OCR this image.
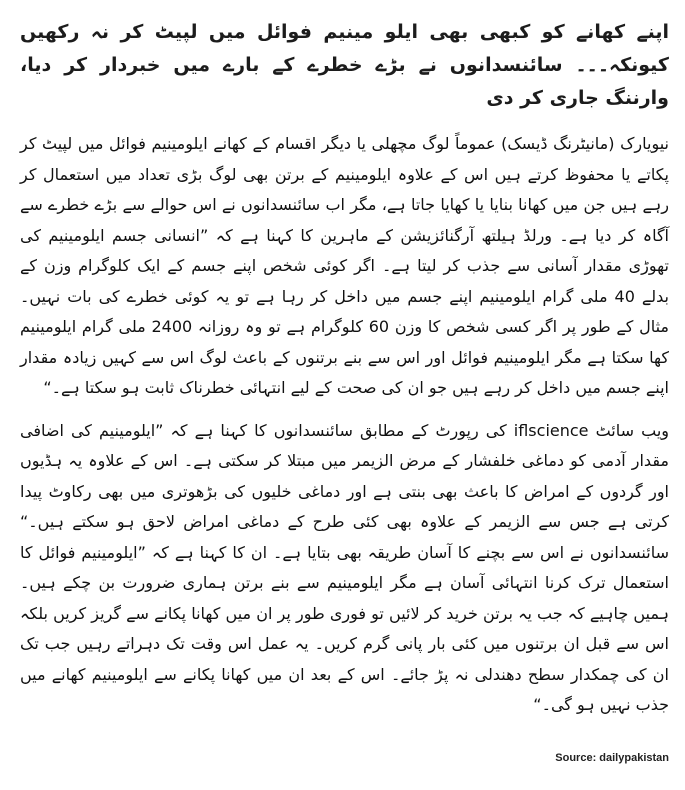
اپنے کھانے کو کبھی بھی ایلو مینیم فوائل میں لپیٹ کر نہ رکھیں کیونکہ۔۔۔ سائنسدانوں نے بڑے خطرے کے بارے میں خبردار کر دیا، وارننگ جاری کر دی

نیویارک (مانیٹرنگ ڈیسک) عموماً لوگ مچھلی یا دیگر اقسام کے کھانے ایلومینیم فوائل میں لپیٹ کر پکاتے یا محفوظ کرتے ہیں اس کے علاوہ ایلومینیم کے برتن بھی لوگ بڑی تعداد میں استعمال کر رہے ہیں جن میں کھانا بنایا یا کھایا جاتا ہے، مگر اب سائنسدانوں نے اس حوالے سے بڑے خطرے سے آگاہ کر دیا ہے۔ ورلڈ ہیلتھ آرگنائزیشن کے ماہرین کا کہنا ہے کہ ”انسانی جسم ایلومینیم کی تھوڑی مقدار آسانی سے جذب کر لیتا ہے۔ اگر کوئی شخص اپنے جسم کے ایک کلوگرام وزن کے بدلے 40 ملی گرام ایلومینیم اپنے جسم میں داخل کر رہا ہے تو یہ کوئی خطرے کی بات نہیں۔ مثال کے طور پر اگر کسی شخص کا وزن 60 کلوگرام ہے تو وہ روزانہ 2400 ملی گرام ایلومینیم کھا سکتا ہے مگر ایلومینیم فوائل اور اس سے بنے برتنوں کے باعث لوگ اس سے کہیں زیادہ مقدار اپنے جسم میں داخل کر رہے ہیں جو ان کی صحت کے لیے انتہائی خطرناک ثابت ہو سکتا ہے۔“

ویب سائٹ iflscience کی رپورٹ کے مطابق سائنسدانوں کا کہنا ہے کہ ”ایلومینیم کی اضافی مقدار آدمی کو دماغی خلفشار کے مرض الزیمر میں مبتلا کر سکتی ہے۔ اس کے علاوہ یہ ہڈیوں اور گردوں کے امراض کا باعث بھی بنتی ہے اور دماغی خلیوں کی بڑھوتری میں بھی رکاوٹ پیدا کرتی ہے جس سے الزیمر کے علاوہ بھی کئی طرح کے دماغی امراض لاحق ہو سکتے ہیں۔“ سائنسدانوں نے اس سے بچنے کا آسان طریقہ بھی بتایا ہے۔ ان کا کہنا ہے کہ ”ایلومینیم فوائل کا استعمال ترک کرنا انتہائی آسان ہے مگر ایلومینیم سے بنے برتن ہماری ضرورت بن چکے ہیں۔ ہمیں چاہیے کہ جب یہ برتن خرید کر لائیں تو فوری طور پر ان میں کھانا پکانے سے گریز کریں بلکہ اس سے قبل ان برتنوں میں کئی بار پانی گرم کریں۔ یہ عمل اس وقت تک دہراتے رہیں جب تک ان کی چمکدار سطح دھندلی نہ پڑ جائے۔ اس کے بعد ان میں کھانا پکانے سے ایلومینیم کھانے میں جذب نہیں ہو گی۔“

Source: dailypakistan
